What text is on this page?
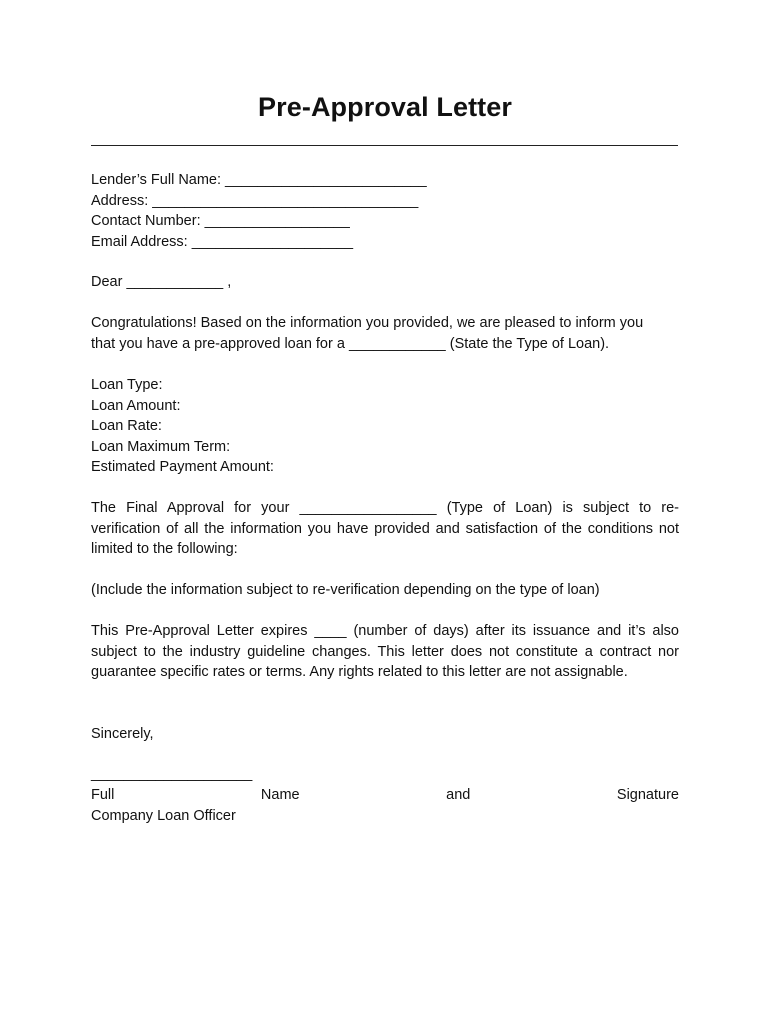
Pre-Approval Letter
Lender’s Full Name: _________________________
Address: _________________________________
Contact Number: __________________
Email Address: ____________________
Dear ____________ ,
Congratulations! Based on the information you provided, we are pleased to inform you
that you have a pre-approved loan for a ____________ (State the Type of Loan).
Loan Type:
Loan Amount:
Loan Rate:
Loan Maximum Term:
Estimated Payment Amount:
The Final Approval for your _________________ (Type of Loan) is subject to re-
verification of all the information you have provided and satisfaction of the conditions not
limited to the following:
(Include the information subject to re-verification depending on the type of loan)
This Pre-Approval Letter expires ____ (number of days) after its issuance and it’s also
subject to the industry guideline changes. This letter does not constitute a contract nor
guarantee specific rates or terms. Any rights related to this letter are not assignable.
Sincerely,
____________________
Full	Name	and	Signature
Company Loan Officer
